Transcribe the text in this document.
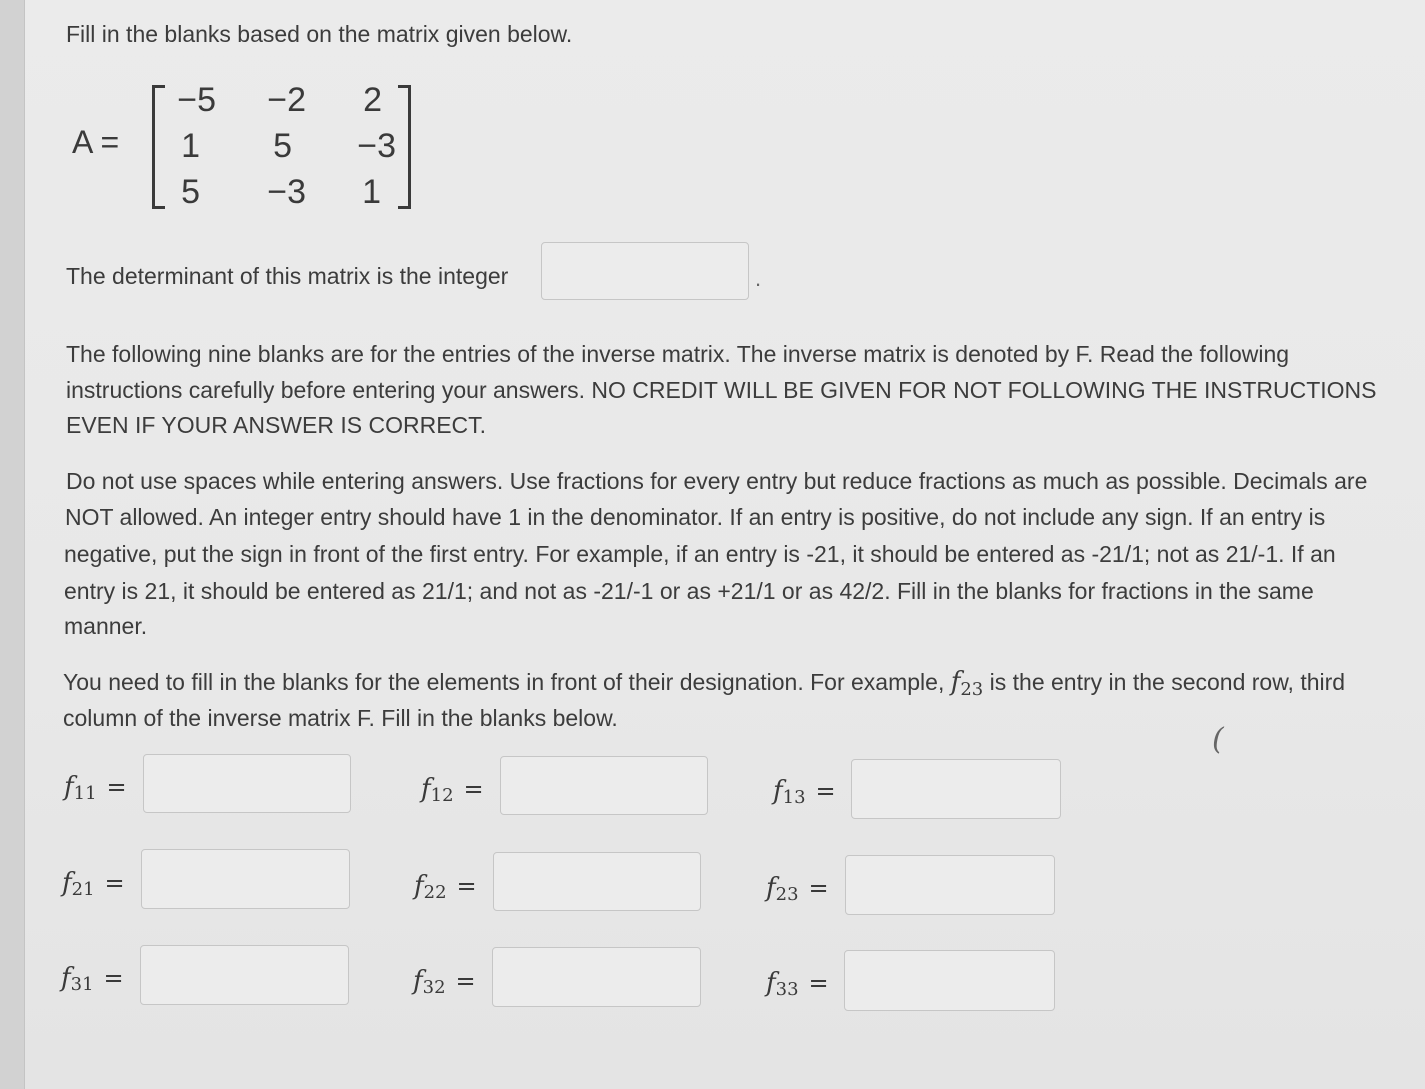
Fill in the blanks based on the matrix given below.
A =
−5	−2	2
1	5	−3
5	−3	1
The determinant of this matrix is the integer	.
The following nine blanks are for the entries of the inverse matrix. The inverse matrix is denoted by F. Read the following
instructions carefully before entering your answers. NO CREDIT WILL BE GIVEN FOR NOT FOLLOWING THE INSTRUCTIONS
EVEN IF YOUR ANSWER IS CORRECT.
Do not use spaces while entering answers. Use fractions for every entry but reduce fractions as much as possible. Decimals are
NOT allowed. An integer entry should have 1 in the denominator. If an entry is positive, do not include any sign. If an entry is
negative, put the sign in front of the first entry. For example, if an entry is -21, it should be entered as -21/1; not as 21/-1. If an
entry is 21, it should be entered as 21/1; and not as -21/-1 or as +21/1 or as 42/2. Fill in the blanks for fractions in the same
manner.
You need to fill in the blanks for the elements in front of their designation. For example, $f_{23}$ is the entry in the second row, third
column of the inverse matrix F. Fill in the blanks below.
(
f11 =	f12 =	f13 =
f21 =	f22 =	f23 =
f31 =	f32 =	f33 =
